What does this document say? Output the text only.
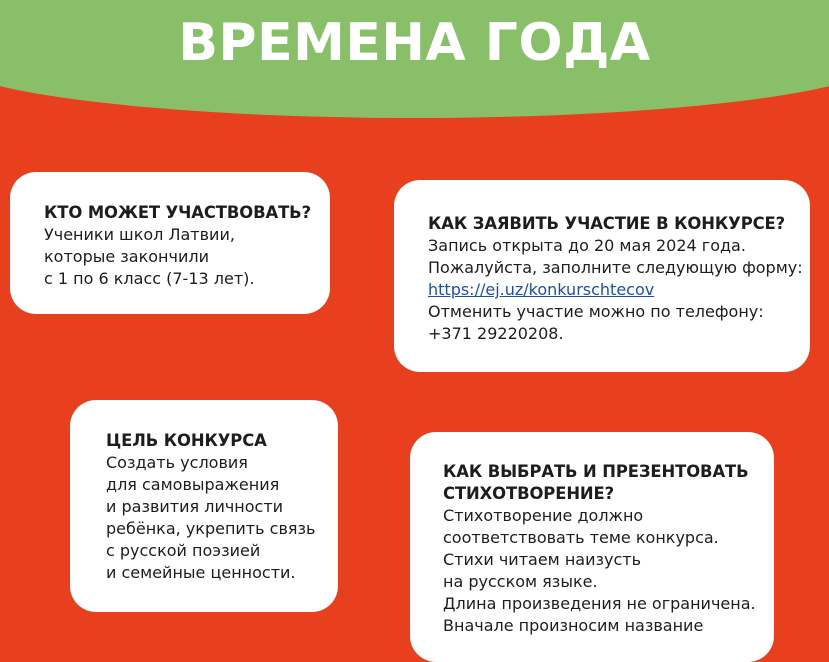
ВРЕМЕНА ГОДА
КТО МОЖЕТ УЧАСТВОВАТЬ?
Ученики школ Латвии,
которые закончили
с 1 по 6 класс (7-13 лет).
КАК ЗАЯВИТЬ УЧАСТИЕ В КОНКУРСЕ?
Запись открыта до 20 мая 2024 года.
Пожалуйста, заполните следующую форму:
https://ej.uz/konkurschtecov
Отменить участие можно по телефону:
+371 29220208.
ЦЕЛЬ КОНКУРСА
Создать условия
для самовыражения
и развития личности
ребёнка, укрепить связь
с русской поэзией
и семейные ценности.
КАК ВЫБРАТЬ И ПРЕЗЕНТОВАТЬ
СТИХОТВОРЕНИЕ?
Стихотворение должно
соответствовать теме конкурса.
Стихи читаем наизусть
на русском языке.
Длина произведения не ограничена.
Вначале произносим название
